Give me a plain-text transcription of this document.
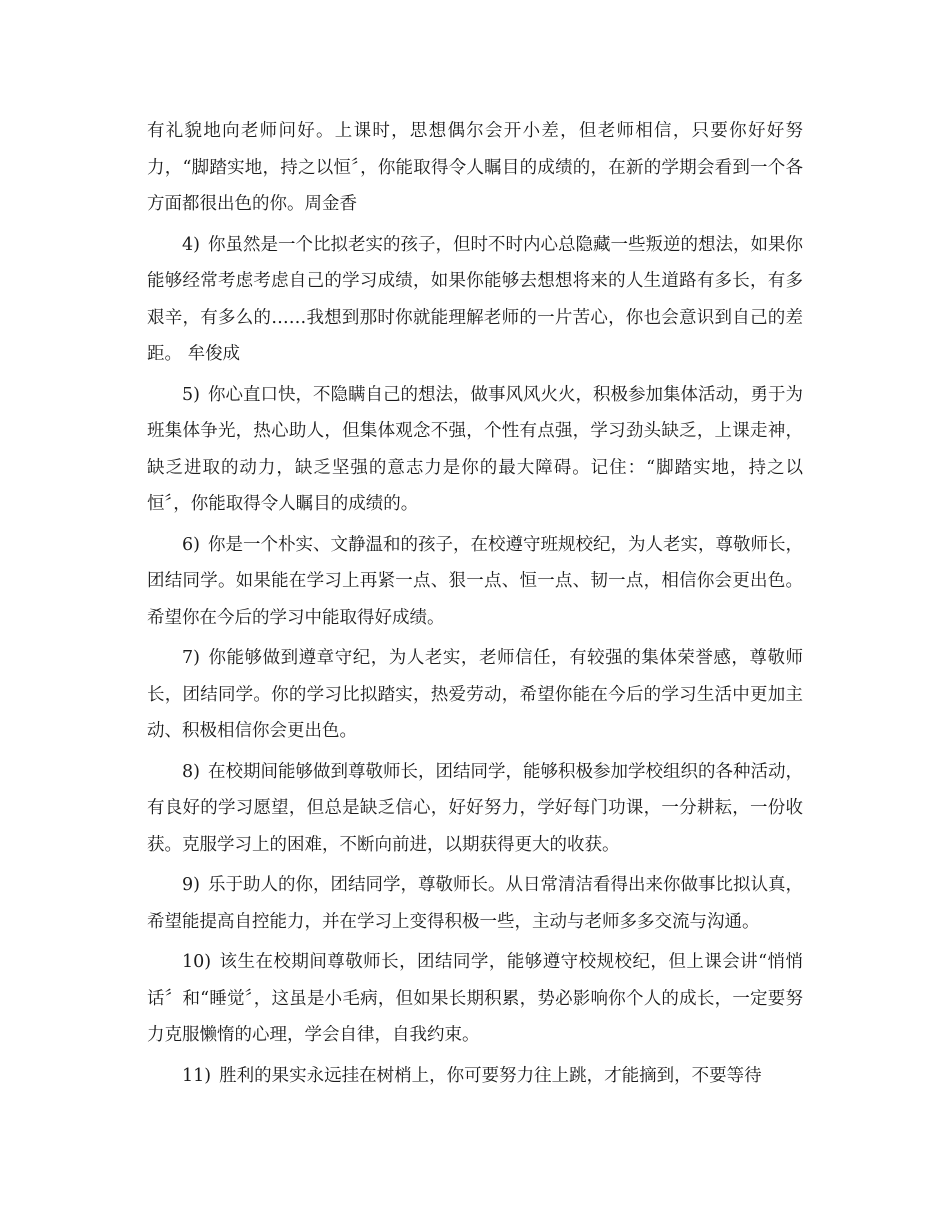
有礼貌地向老师问好。上课时，思想偶尔会开小差，但老师相信，只要你好好努力，“脚踏实地，持之以恒〞，你能取得令人瞩目的成绩的，在新的学期会看到一个各方面都很出色的你。周金香

4) 你虽然是一个比拟老实的孩子，但时不时内心总隐藏一些叛逆的想法，如果你能够经常考虑考虑自己的学习成绩，如果你能够去想想将来的人生道路有多长，有多艰辛，有多么的……我想到那时你就能理解老师的一片苦心，你也会意识到自己的差距。 牟俊成

5) 你心直口快，不隐瞒自己的想法，做事风风火火，积极参加集体活动，勇于为班集体争光，热心助人，但集体观念不强，个性有点强，学习劲头缺乏，上课走神，缺乏进取的动力，缺乏坚强的意志力是你的最大障碍。记住：“脚踏实地，持之以恒〞，你能取得令人瞩目的成绩的。

6) 你是一个朴实、文静温和的孩子，在校遵守班规校纪，为人老实，尊敬师长，团结同学。如果能在学习上再紧一点、狠一点、恒一点、韧一点，相信你会更出色。希望你在今后的学习中能取得好成绩。

7) 你能够做到遵章守纪，为人老实，老师信任，有较强的集体荣誉感，尊敬师长，团结同学。你的学习比拟踏实，热爱劳动，希望你能在今后的学习生活中更加主动、积极相信你会更出色。

8) 在校期间能够做到尊敬师长，团结同学，能够积极参加学校组织的各种活动，有良好的学习愿望，但总是缺乏信心，好好努力，学好每门功课，一分耕耘，一份收获。克服学习上的困难，不断向前进，以期获得更大的收获。

9) 乐于助人的你，团结同学，尊敬师长。从日常清洁看得出来你做事比拟认真，希望能提高自控能力，并在学习上变得积极一些，主动与老师多多交流与沟通。

10) 该生在校期间尊敬师长，团结同学，能够遵守校规校纪，但上课会讲“悄悄话〞和“睡觉〞，这虽是小毛病，但如果长期积累，势必影响你个人的成长，一定要努力克服懒惰的心理，学会自律，自我约束。

11) 胜利的果实永远挂在树梢上，你可要努力往上跳，才能摘到，不要等待
